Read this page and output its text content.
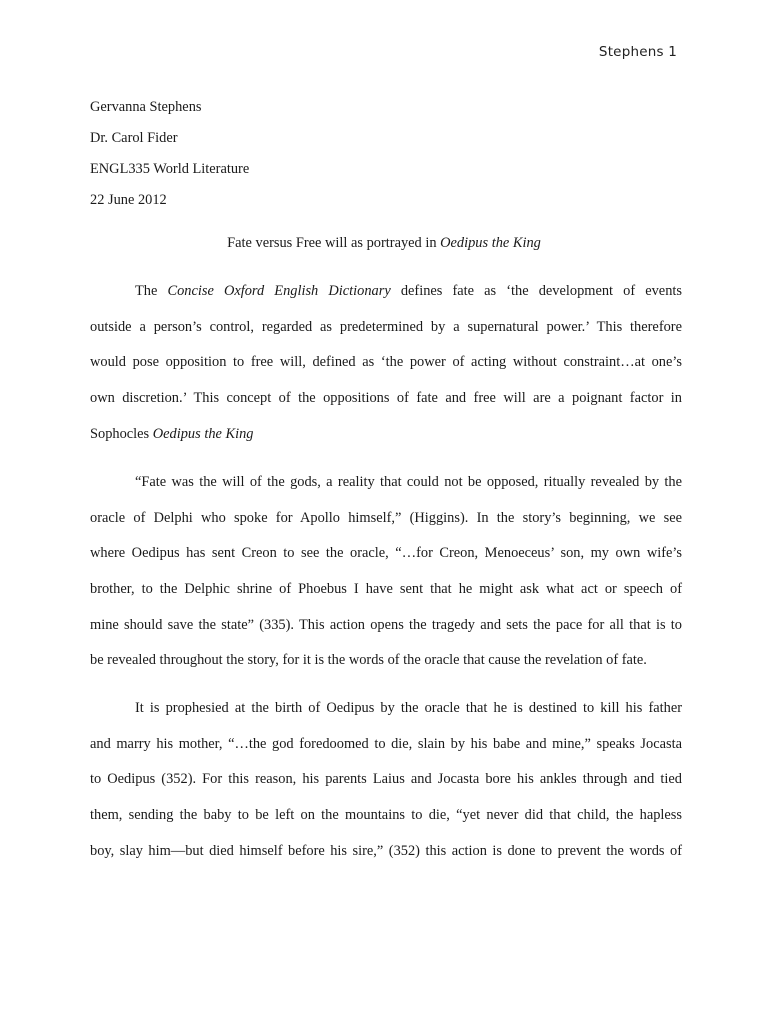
Stephens 1
Gervanna Stephens
Dr. Carol Fider
ENGL335 World Literature
22 June 2012
Fate versus Free will as portrayed in Oedipus the King
The Concise Oxford English Dictionary defines fate as ‘the development of events
outside a person’s control, regarded as predetermined by a supernatural power.’ This therefore
would pose opposition to free will, defined as ‘the power of acting without constraint…at one’s
own discretion.’ This concept of the oppositions of fate and free will are a poignant factor in
Sophocles Oedipus the King
“Fate was the will of the gods, a reality that could not be opposed, ritually revealed by the
oracle of Delphi who spoke for Apollo himself,” (Higgins). In the story’s beginning, we see
where Oedipus has sent Creon to see the oracle, “…for Creon, Menoeceus’ son, my own wife’s
brother, to the Delphic shrine of Phoebus I have sent that he might ask what act or speech of
mine should save the state” (335). This action opens the tragedy and sets the pace for all that is to
be revealed throughout the story, for it is the words of the oracle that cause the revelation of fate.
It is prophesied at the birth of Oedipus by the oracle that he is destined to kill his father
and marry his mother, “…the god foredoomed to die, slain by his babe and mine,” speaks Jocasta
to Oedipus (352). For this reason, his parents Laius and Jocasta bore his ankles through and tied
them, sending the baby to be left on the mountains to die, “yet never did that child, the hapless
boy, slay him—but died himself before his sire,” (352) this action is done to prevent the words of
